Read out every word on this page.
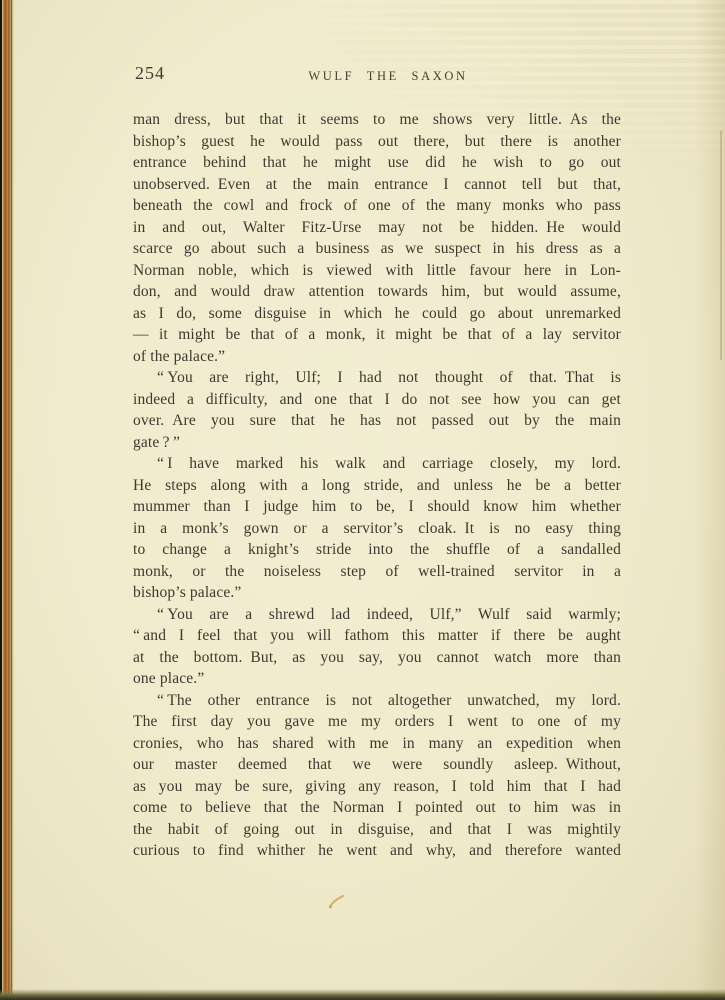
254	WULF THE SAXON
man dress, but that it seems to me shows very little. As the
bishop’s guest he would pass out there, but there is another
entrance behind that he might use did he wish to go out
unobserved. Even at the main entrance I cannot tell but that,
beneath the cowl and frock of one of the many monks who pass
in and out, Walter Fitz-Urse may not be hidden. He would
scarce go about such a business as we suspect in his dress as a
Norman noble, which is viewed with little favour here in Lon-
don, and would draw attention towards him, but would assume,
as I do, some disguise in which he could go about unremarked
— it might be that of a monk, it might be that of a lay servitor
of the palace.”
“ You are right, Ulf; I had not thought of that. That is
indeed a difficulty, and one that I do not see how you can get
over. Are you sure that he has not passed out by the main
gate ? ”
“ I have marked his walk and carriage closely, my lord.
He steps along with a long stride, and unless he be a better
mummer than I judge him to be, I should know him whether
in a monk’s gown or a servitor’s cloak. It is no easy thing
to change a knight’s stride into the shuffle of a sandalled
monk, or the noiseless step of well-trained servitor in a
bishop’s palace.”
“ You are a shrewd lad indeed, Ulf,” Wulf said warmly;
“ and I feel that you will fathom this matter if there be aught
at the bottom. But, as you say, you cannot watch more than
one place.”
“ The other entrance is not altogether unwatched, my lord.
The first day you gave me my orders I went to one of my
cronies, who has shared with me in many an expedition when
our master deemed that we were soundly asleep. Without,
as you may be sure, giving any reason, I told him that I had
come to believe that the Norman I pointed out to him was in
the habit of going out in disguise, and that I was mightily
curious to find whither he went and why, and therefore wanted
